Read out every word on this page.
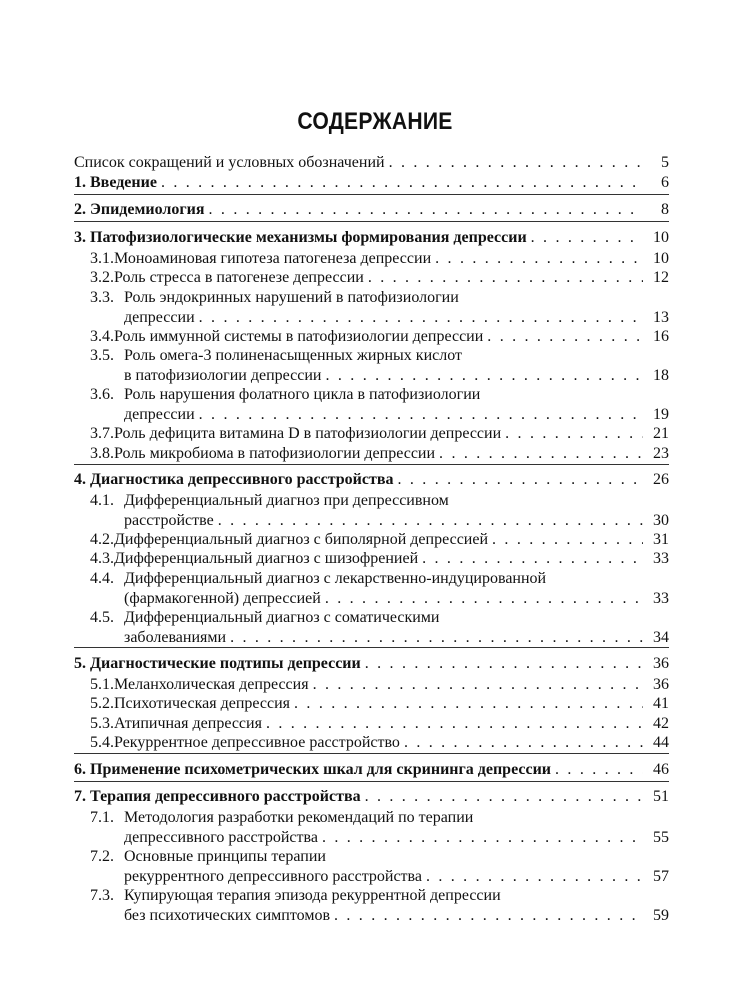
СОДЕРЖАНИЕ
Список сокращений и условных обозначений . . .	5
1. Введение . . .	6
2. Эпидемиология . . .	8
3. Патофизиологические механизмы формирования депрессии . . .	10
3.1. Моноаминовая гипотеза патогенеза депрессии . . .	10
3.2. Роль стресса в патогенезе депрессии . . .	12
3.3. Роль эндокринных нарушений в патофизиологии
депрессии . . .	13
3.4. Роль иммунной системы в патофизиологии депрессии . . .	16
3.5. Роль омега-3 полиненасыщенных жирных кислот
в патофизиологии депрессии . . .	18
3.6. Роль нарушения фолатного цикла в патофизиологии
депрессии . . .	19
3.7. Роль дефицита витамина D в патофизиологии депрессии . . .	21
3.8. Роль микробиома в патофизиологии депрессии . . .	23
4. Диагностика депрессивного расстройства . . .	26
4.1. Дифференциальный диагноз при депрессивном
расстройстве . . .	30
4.2. Дифференциальный диагноз с биполярной депрессией . . .	31
4.3. Дифференциальный диагноз с шизофренией . . .	33
4.4. Дифференциальный диагноз с лекарственно-индуцированной
(фармакогенной) депрессией . . .	33
4.5. Дифференциальный диагноз с соматическими
заболеваниями . . .	34
5. Диагностические подтипы депрессии . . .	36
5.1. Меланхолическая депрессия . . .	36
5.2. Психотическая депрессия . . .	41
5.3. Атипичная депрессия . . .	42
5.4. Рекуррентное депрессивное расстройство . . .	44
6. Применение психометрических шкал для скрининга депрессии . . .	46
7. Терапия депрессивного расстройства . . .	51
7.1. Методология разработки рекомендаций по терапии
депрессивного расстройства . . .	55
7.2. Основные принципы терапии
рекуррентного депрессивного расстройства . . .	57
7.3. Купирующая терапия эпизода рекуррентной депрессии
без психотических симптомов . . .	59
